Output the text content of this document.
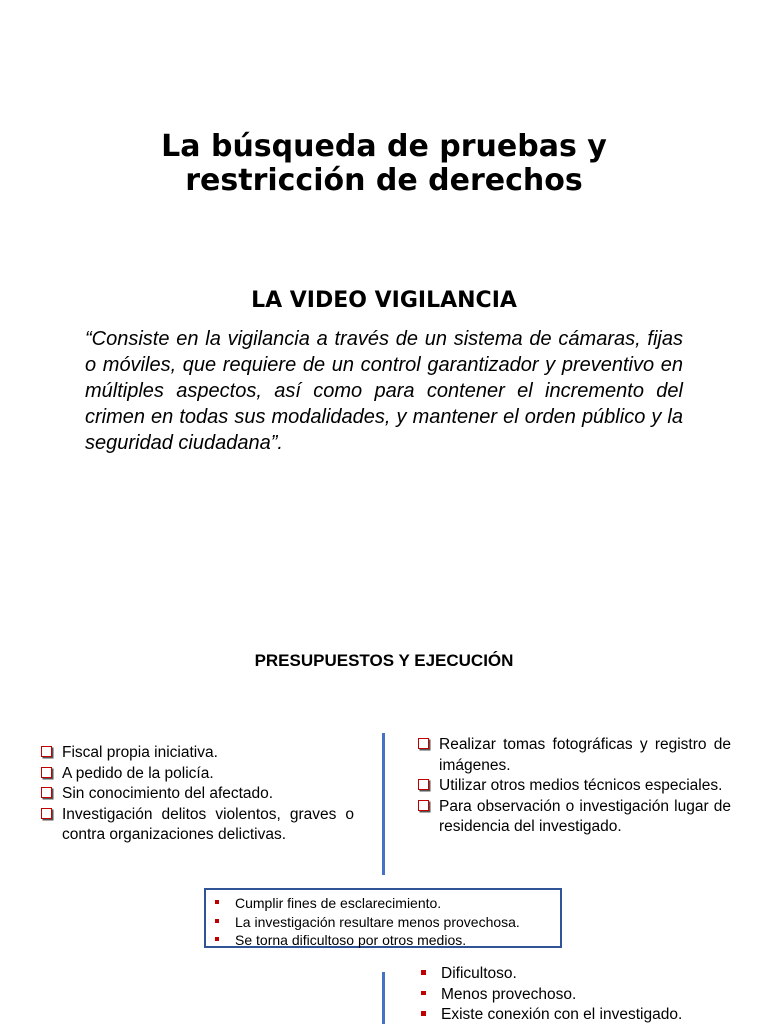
La búsqueda de pruebas y
restricción de derechos
LA VIDEO VIGILANCIA

“Consiste en la vigilancia a través de un sistema de cámaras, fijas o móviles, que requiere de un control garantizador y preventivo en múltiples aspectos, así como para contener el incremento del crimen en todas sus modalidades, y mantener el orden público y la seguridad ciudadana”.

PRESUPUESTOS Y EJECUCIÓN
Fiscal propia iniciativa.
A pedido de la policía.
Sin conocimiento del afectado.
Investigación delitos violentos, graves o contra organizaciones delictivas.
Realizar tomas fotográficas y registro de imágenes.
Utilizar otros medios técnicos especiales.
Para observación o investigación lugar de residencia del investigado.
Cumplir fines de esclarecimiento.
La investigación resultare menos provechosa.
Se torna dificultoso por otros medios.
Dificultoso.
Menos provechoso.
Existe conexión con el investigado.
